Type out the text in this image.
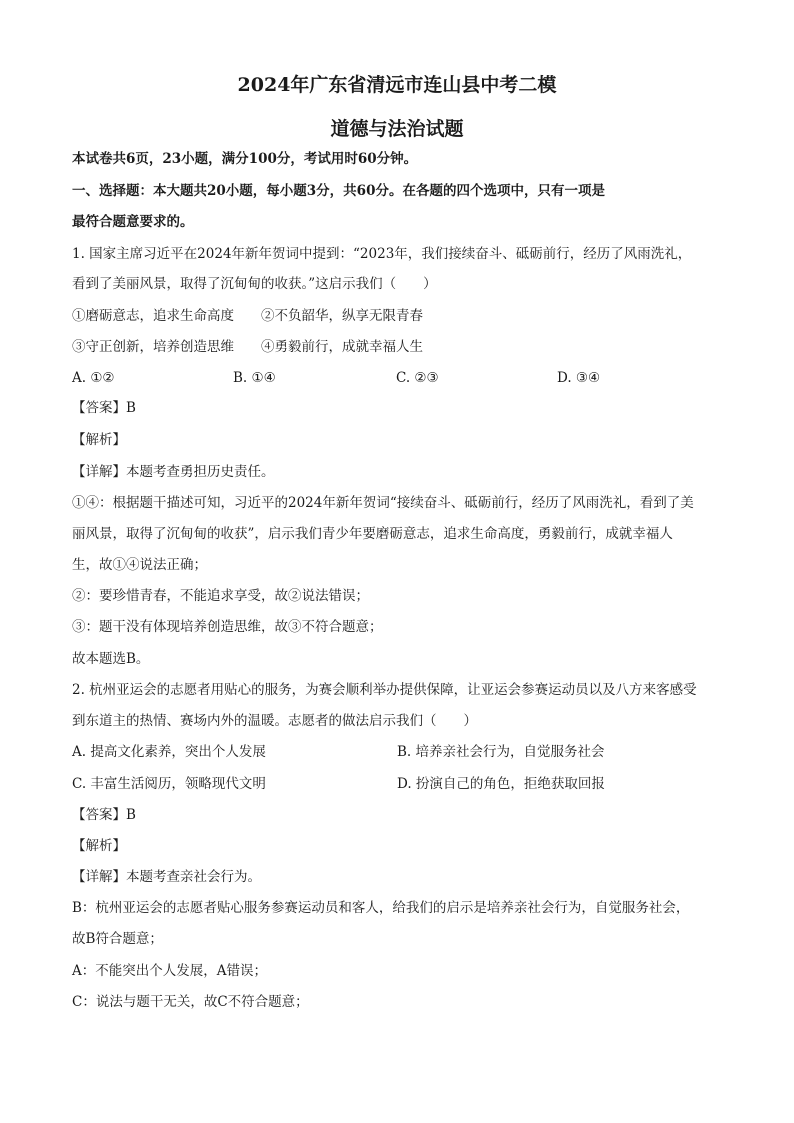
2024年广东省清远市连山县中考二模
道德与法治试题
本试卷共6页，23小题，满分100分，考试用时60分钟。
一、选择题：本大题共20小题，每小题3分，共60分。在各题的四个选项中，只有一项是
最符合题意要求的。
1. 国家主席习近平在2024年新年贺词中提到：“2023年，我们接续奋斗、砥砺前行，经历了风雨洗礼，
看到了美丽风景，取得了沉甸甸的收获。”这启示我们（　　）
①磨砺意志，追求生命高度　　②不负韶华，纵享无限青春
③守正创新，培养创造思维　　④勇毅前行，成就幸福人生
A. ①②	B. ①④	C. ②③	D. ③④
【答案】B
【解析】
【详解】本题考查勇担历史责任。
①④：根据题干描述可知，习近平的2024年新年贺词“接续奋斗、砥砺前行，经历了风雨洗礼，看到了美
丽风景，取得了沉甸甸的收获”，启示我们青少年要磨砺意志，追求生命高度，勇毅前行，成就幸福人
生，故①④说法正确；
②：要珍惜青春，不能追求享受，故②说法错误；
③：题干没有体现培养创造思维，故③不符合题意；
故本题选B。
2. 杭州亚运会的志愿者用贴心的服务，为赛会顺利举办提供保障，让亚运会参赛运动员以及八方来客感受
到东道主的热情、赛场内外的温暖。志愿者的做法启示我们（　　）
A. 提高文化素养，突出个人发展	B. 培养亲社会行为，自觉服务社会
C. 丰富生活阅历，领略现代文明	D. 扮演自己的角色，拒绝获取回报
【答案】B
【解析】
【详解】本题考查亲社会行为。
B：杭州亚运会的志愿者贴心服务参赛运动员和客人，给我们的启示是培养亲社会行为，自觉服务社会，
故B符合题意；
A：不能突出个人发展，A错误；
C：说法与题干无关，故C不符合题意；
